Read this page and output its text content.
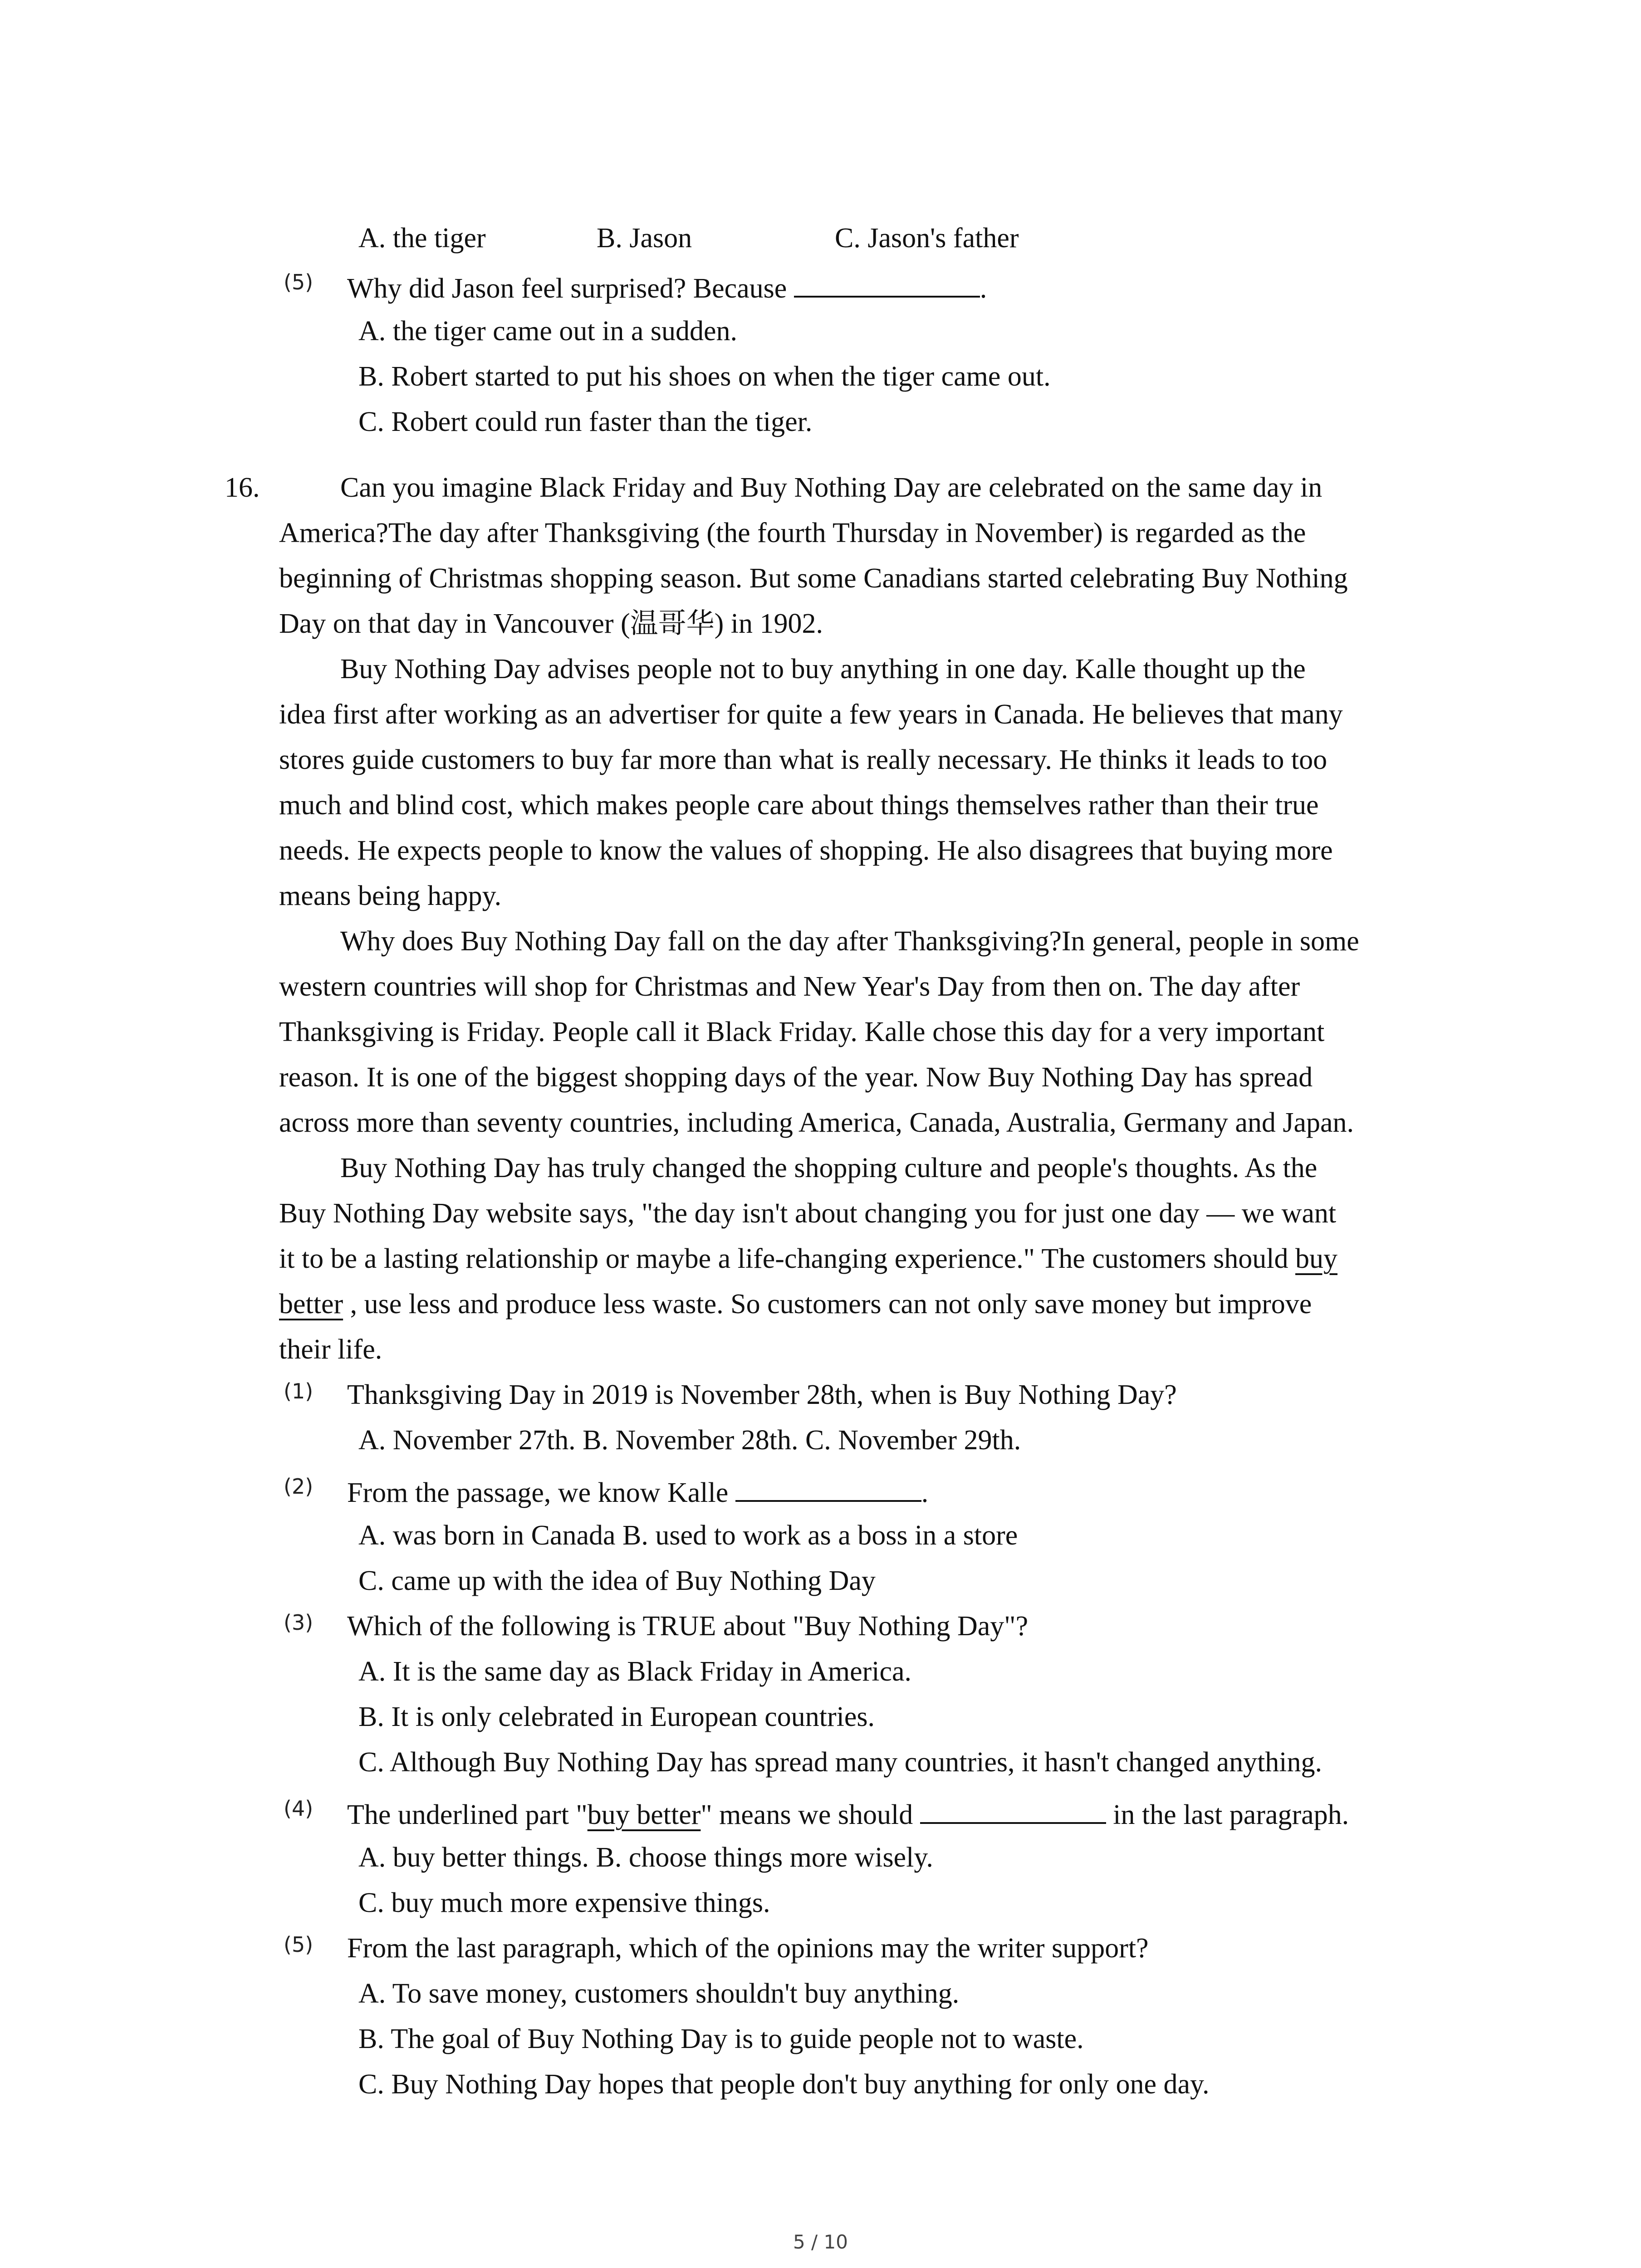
A. the tiger	B. Jason	C. Jason's father
(5) Why did Jason feel surprised? Because	.
A. the tiger came out in a sudden.
B. Robert started to put his shoes on when the tiger came out.
C. Robert could run faster than the tiger.
16.	Can you imagine Black Friday and Buy Nothing Day are celebrated on the same day in
America?The day after Thanksgiving (the fourth Thursday in November) is regarded as the
beginning of Christmas shopping season. But some Canadians started celebrating Buy Nothing
Day on that day in Vancouver (温哥华) in 1902.
Buy Nothing Day advises people not to buy anything in one day. Kalle thought up the
idea first after working as an advertiser for quite a few years in Canada. He believes that many
stores guide customers to buy far more than what is really necessary. He thinks it leads to too
much and blind cost, which makes people care about things themselves rather than their true
needs. He expects people to know the values of shopping. He also disagrees that buying more
means being happy.
Why does Buy Nothing Day fall on the day after Thanksgiving?In general, people in some
western countries will shop for Christmas and New Year's Day from then on. The day after
Thanksgiving is Friday. People call it Black Friday. Kalle chose this day for a very important
reason. It is one of the biggest shopping days of the year. Now Buy Nothing Day has spread
across more than seventy countries, including America, Canada, Australia, Germany and Japan.
Buy Nothing Day has truly changed the shopping culture and people's thoughts. As the
Buy Nothing Day website says, "the day isn't about changing you for just one day — we want
it to be a lasting relationship or maybe a life-changing experience." The customers should buy
better , use less and produce less waste. So customers can not only save money but improve
their life.
(1) Thanksgiving Day in 2019 is November 28th, when is Buy Nothing Day?
A. November 27th. B. November 28th. C. November 29th.
(2) From the passage, we know Kalle	.
A. was born in Canada B. used to work as a boss in a store
C. came up with the idea of Buy Nothing Day
(3) Which of the following is TRUE about "Buy Nothing Day"?
A. It is the same day as Black Friday in America.
B. It is only celebrated in European countries.
C. Although Buy Nothing Day has spread many countries, it hasn't changed anything.
(4) The underlined part "buy better" means we should	in the last paragraph.
A. buy better things. B. choose things more wisely.
C. buy much more expensive things.
(5) From the last paragraph, which of the opinions may the writer support?
A. To save money, customers shouldn't buy anything.
B. The goal of Buy Nothing Day is to guide people not to waste.
C. Buy Nothing Day hopes that people don't buy anything for only one day.
5 / 10
